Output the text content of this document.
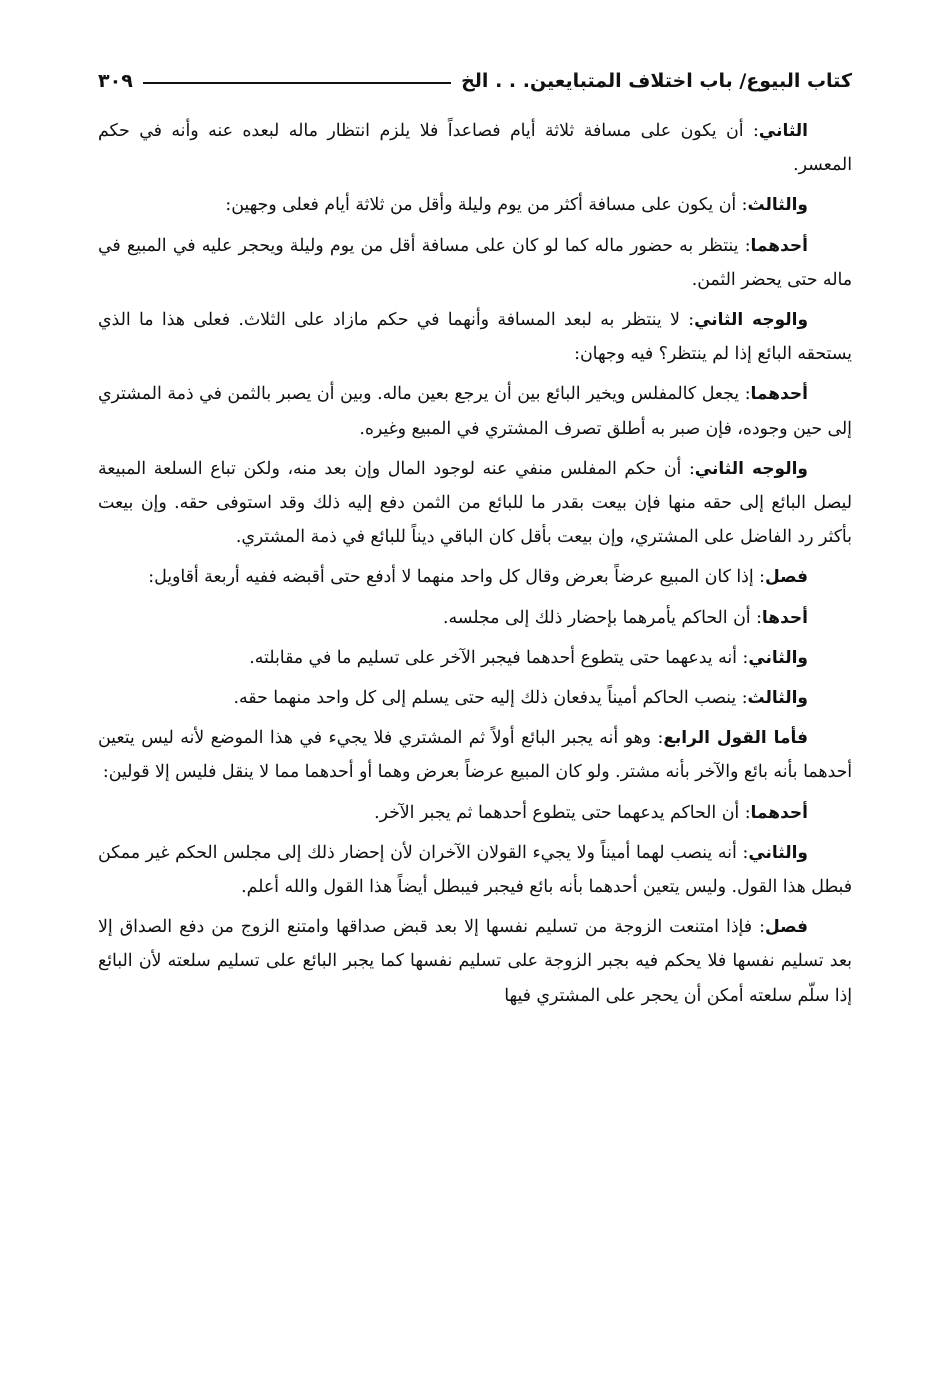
كتاب البيوع/ باب اختلاف المتبايعين. . . الخ
٣٠٩

الثاني: أن يكون على مسافة ثلاثة أيام فصاعداً فلا يلزم انتظار ماله لبعده عنه وأنه في حكم المعسر.

والثالث: أن يكون على مسافة أكثر من يوم وليلة وأقل من ثلاثة أيام فعلى وجهين:

أحدهما: ينتظر به حضور ماله كما لو كان على مسافة أقل من يوم وليلة ويحجر عليه في المبيع في ماله حتى يحضر الثمن.

والوجه الثاني: لا ينتظر به لبعد المسافة وأنهما في حكم مازاد على الثلاث. فعلى هذا ما الذي يستحقه البائع إذا لم ينتظر؟ فيه وجهان:

أحدهما: يجعل كالمفلس ويخير البائع بين أن يرجع بعين ماله. وبين أن يصبر بالثمن في ذمة المشتري إلى حين وجوده، فإن صبر به أطلق تصرف المشتري في المبيع وغيره.

والوجه الثاني: أن حكم المفلس منفي عنه لوجود المال وإن بعد منه، ولكن تباع السلعة المبيعة ليصل البائع إلى حقه منها فإن بيعت بقدر ما للبائع من الثمن دفع إليه ذلك وقد استوفى حقه. وإن بيعت بأكثر رد الفاضل على المشتري، وإن بيعت بأقل كان الباقي ديناً للبائع في ذمة المشتري.

فصل: إذا كان المبيع عرضاً بعرض وقال كل واحد منهما لا أدفع حتى أقبضه ففيه أربعة أقاويل:

أحدها: أن الحاكم يأمرهما بإحضار ذلك إلى مجلسه.

والثاني: أنه يدعهما حتى يتطوع أحدهما فيجبر الآخر على تسليم ما في مقابلته.

والثالث: ينصب الحاكم أميناً يدفعان ذلك إليه حتى يسلم إلى كل واحد منهما حقه.

فأما القول الرابع: وهو أنه يجبر البائع أولاً ثم المشتري فلا يجيء في هذا الموضع لأنه ليس يتعين أحدهما بأنه بائع والآخر بأنه مشتر. ولو كان المبيع عرضاً بعرض وهما أو أحدهما مما لا ينقل فليس إلا قولين:

أحدهما: أن الحاكم يدعهما حتى يتطوع أحدهما ثم يجبر الآخر.

والثاني: أنه ينصب لهما أميناً ولا يجيء القولان الآخران لأن إحضار ذلك إلى مجلس الحكم غير ممكن فبطل هذا القول. وليس يتعين أحدهما بأنه بائع فيجبر فيبطل أيضاً هذا القول والله أعلم.

فصل: فإذا امتنعت الزوجة من تسليم نفسها إلا بعد قبض صداقها وامتنع الزوج من دفع الصداق إلا بعد تسليم نفسها فلا يحكم فيه بجبر الزوجة على تسليم نفسها كما يجبر البائع على تسليم سلعته لأن البائع إذا سلّم سلعته أمكن أن يحجر على المشتري فيها
